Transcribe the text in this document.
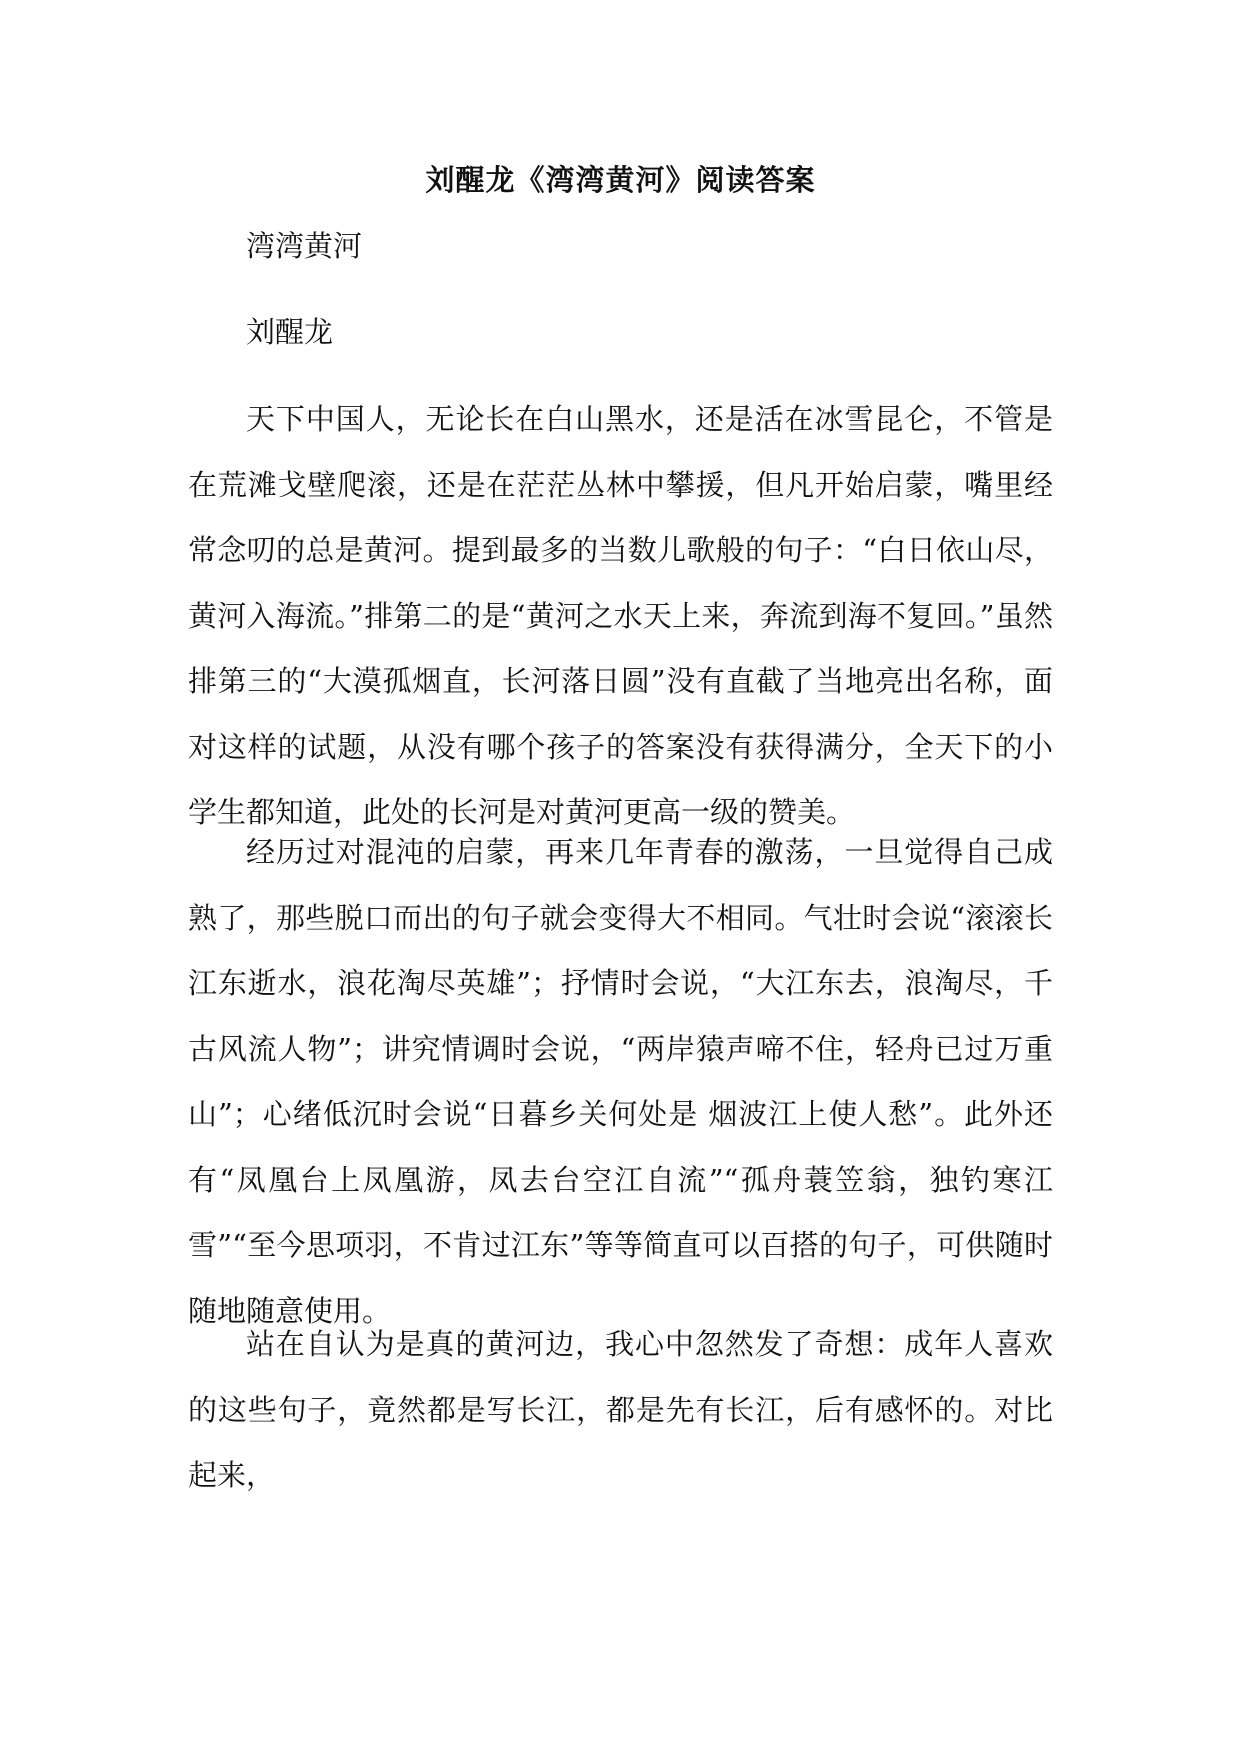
刘醒龙《湾湾黄河》阅读答案
湾湾黄河
刘醒龙

天下中国人，无论长在白山黑水，还是活在冰雪昆仑，不管是在荒滩戈壁爬滚，还是在茫茫丛林中攀援，但凡开始启蒙，嘴里经常念叨的总是黄河。提到最多的当数儿歌般的句子：“白日依山尽，黄河入海流。”排第二的是“黄河之水天上来，奔流到海不复回。”虽然排第三的“大漠孤烟直，长河落日圆”没有直截了当地亮出名称，面对这样的试题，从没有哪个孩子的答案没有获得满分，全天下的小学生都知道，此处的长河是对黄河更高一级的赞美。

经历过对混沌的启蒙，再来几年青春的激荡，一旦觉得自己成熟了，那些脱口而出的句子就会变得大不相同。气壮时会说“滚滚长江东逝水，浪花淘尽英雄”；抒情时会说，“大江东去，浪淘尽，千古风流人物”；讲究情调时会说，“两岸猿声啼不住，轻舟已过万重山”；心绪低沉时会说“日暮乡关何处是 烟波江上使人愁”。此外还有“凤凰台上凤凰游，凤去台空江自流”“孤舟蓑笠翁，独钓寒江雪”“至今思项羽，不肯过江东”等等简直可以百搭的句子，可供随时随地随意使用。

站在自认为是真的黄河边，我心中忽然发了奇想：成年人喜欢的这些句子，竟然都是写长江，都是先有长江，后有感怀的。对比起来，
